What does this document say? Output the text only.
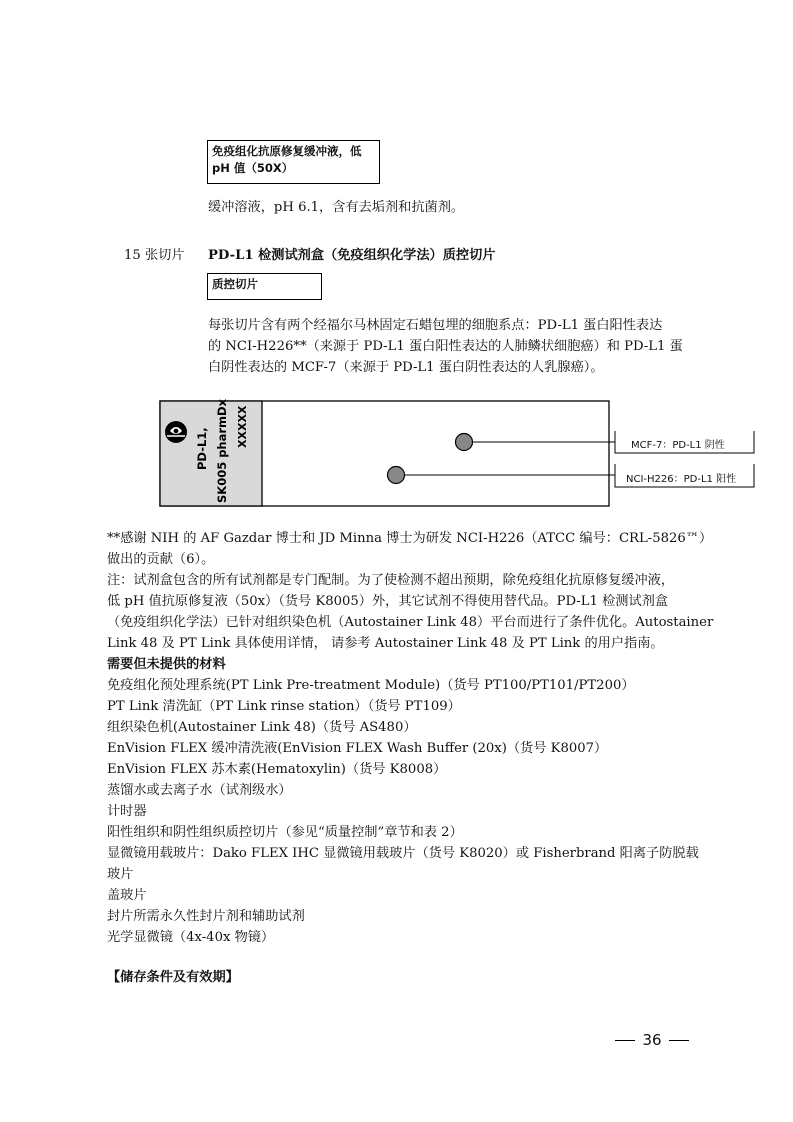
免疫组化抗原修复缓冲液，低
pH 值（50X）
缓冲溶液，pH 6.1，含有去垢剂和抗菌剂。
15 张切片 PD-L1 检测试剂盒（免疫组织化学法）质控切片
质控切片
每张切片含有两个经福尔马林固定石蜡包埋的细胞系点：PD-L1 蛋白阳性表达
的 NCI-H226**（来源于 PD-L1 蛋白阳性表达的人肺鳞状细胞癌）和 PD-L1 蛋
白阴性表达的 MCF-7（来源于 PD-L1 蛋白阴性表达的人乳腺癌）。
PD-L1, SK005 pharmDx XXXXX	MCF-7：PD-L1 阴性
NCI-H226：PD-L1 阳性
**感谢 NIH 的 AF Gazdar 博士和 JD Minna 博士为研发 NCI-H226（ATCC 编号：CRL-5826™）
做出的贡献（6）。
注：试剂盒包含的所有试剂都是专门配制。为了使检测不超出预期，除免疫组化抗原修复缓冲液，
低 pH 值抗原修复液（50x）（货号 K8005）外，其它试剂不得使用替代品。PD-L1 检测试剂盒
（免疫组织化学法）已针对组织染色机（Autostainer Link 48）平台而进行了条件优化。Autostainer
Link 48 及 PT Link 具体使用详情， 请参考 Autostainer Link 48 及 PT Link 的用户指南。
需要但未提供的材料
免疫组化预处理系统(PT Link Pre-treatment Module)（货号 PT100/PT101/PT200）
PT Link 清洗缸（PT Link rinse station）（货号 PT109）
组织染色机(Autostainer Link 48)（货号 AS480）
EnVision FLEX 缓冲清洗液(EnVision FLEX Wash Buffer (20x)（货号 K8007）
EnVision FLEX 苏木素(Hematoxylin)（货号 K8008）
蒸馏水或去离子水（试剂级水）
计时器
阳性组织和阴性组织质控切片（参见“质量控制”章节和表 2）
显微镜用载玻片：Dako FLEX IHC 显微镜用载玻片（货号 K8020）或 Fisherbrand 阳离子防脱载
玻片
盖玻片
封片所需永久性封片剂和辅助试剂
光学显微镜（4x-40x 物镜）
【储存条件及有效期】
36
